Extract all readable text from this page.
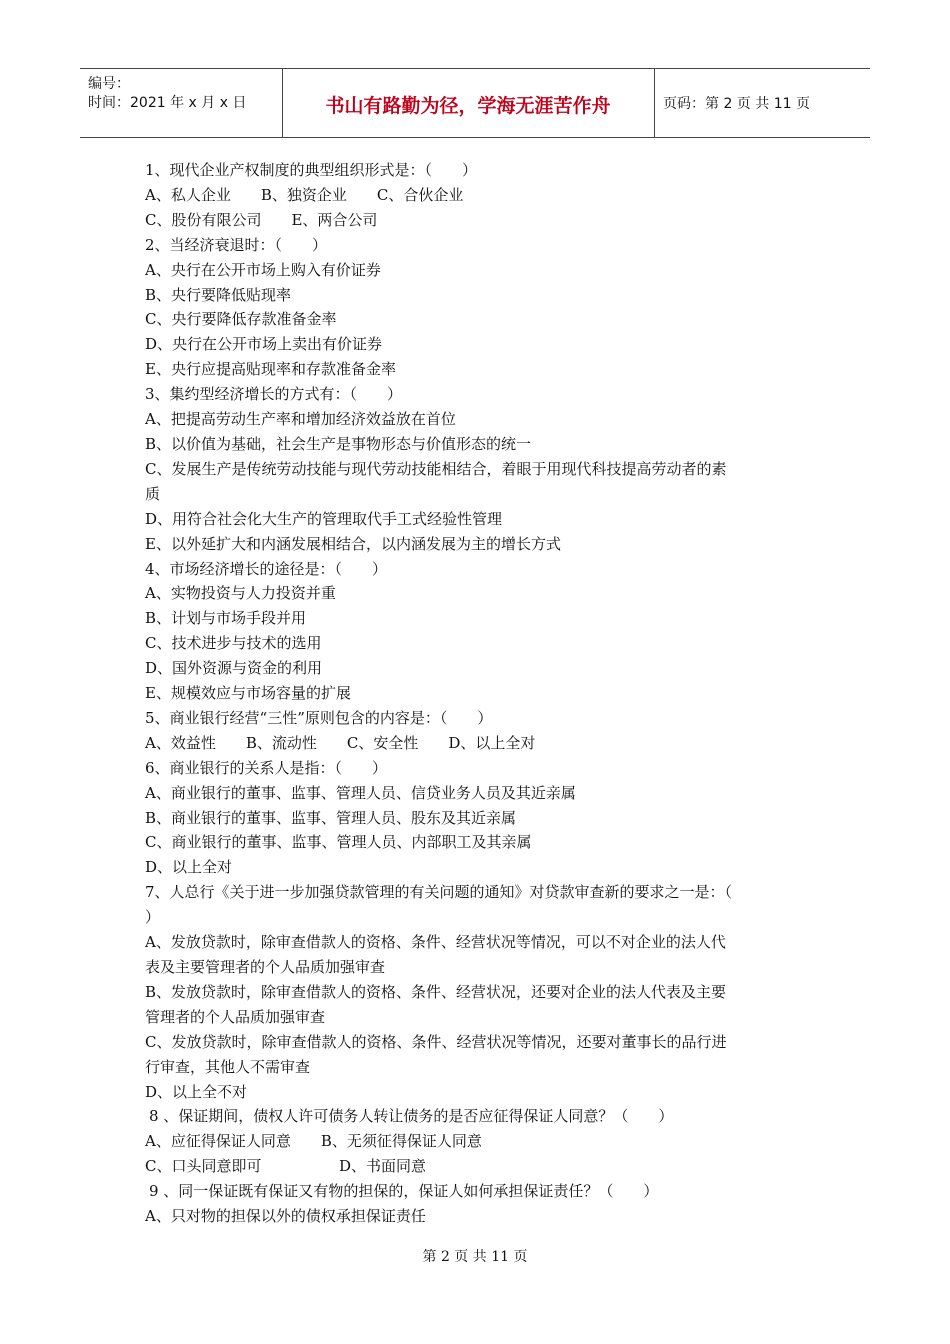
编号：
时间：2021 年 x 月 x 日	书山有路勤为径，学海无涯苦作舟	页码：第 2 页 共 11 页
1、现代企业产权制度的典型组织形式是：（　　）
A、私人企业 B、独资企业 C、合伙企业
C、股份有限公司 E、两合公司
2、当经济衰退时：（　　）
A、央行在公开市场上购入有价证券
B、央行要降低贴现率
C、央行要降低存款准备金率
D、央行在公开市场上卖出有价证券
E、央行应提高贴现率和存款准备金率
3、集约型经济增长的方式有：（　　）
A、把提高劳动生产率和增加经济效益放在首位
B、以价值为基础，社会生产是事物形态与价值形态的统一
C、发展生产是传统劳动技能与现代劳动技能相结合，着眼于用现代科技提高劳动者的素
质
D、用符合社会化大生产的管理取代手工式经验性管理
E、以外延扩大和内涵发展相结合，以内涵发展为主的增长方式
4、市场经济增长的途径是：（　　）
A、实物投资与人力投资并重
B、计划与市场手段并用
C、技术进步与技术的选用
D、国外资源与资金的利用
E、规模效应与市场容量的扩展
5、商业银行经营“三性”原则包含的内容是：（　　）
A、效益性 B、流动性 C、安全性 D、以上全对
6、商业银行的关系人是指：（　　）
A、商业银行的董事、监事、管理人员、信贷业务人员及其近亲属
B、商业银行的董事、监事、管理人员、股东及其近亲属
C、商业银行的董事、监事、管理人员、内部职工及其亲属
D、以上全对
7、人总行《关于进一步加强贷款管理的有关问题的通知》对贷款审查新的要求之一是：（
）
A、发放贷款时，除审查借款人的资格、条件、经营状况等情况，可以不对企业的法人代
表及主要管理者的个人品质加强审查
B、发放贷款时，除审查借款人的资格、条件、经营状况，还要对企业的法人代表及主要
管理者的个人品质加强审查
C、发放贷款时，除审查借款人的资格、条件、经营状况等情况，还要对董事长的品行进
行审查，其他人不需审查
D、以上全不对
8 、保证期间，债权人许可债务人转让债务的是否应征得保证人同意？（　　）
A、应征得保证人同意 B、无须征得保证人同意
C、口头同意即可	D、书面同意
9 、同一保证既有保证又有物的担保的，保证人如何承担保证责任？（　　）
A、只对物的担保以外的债权承担保证责任
第 2 页 共 11 页
